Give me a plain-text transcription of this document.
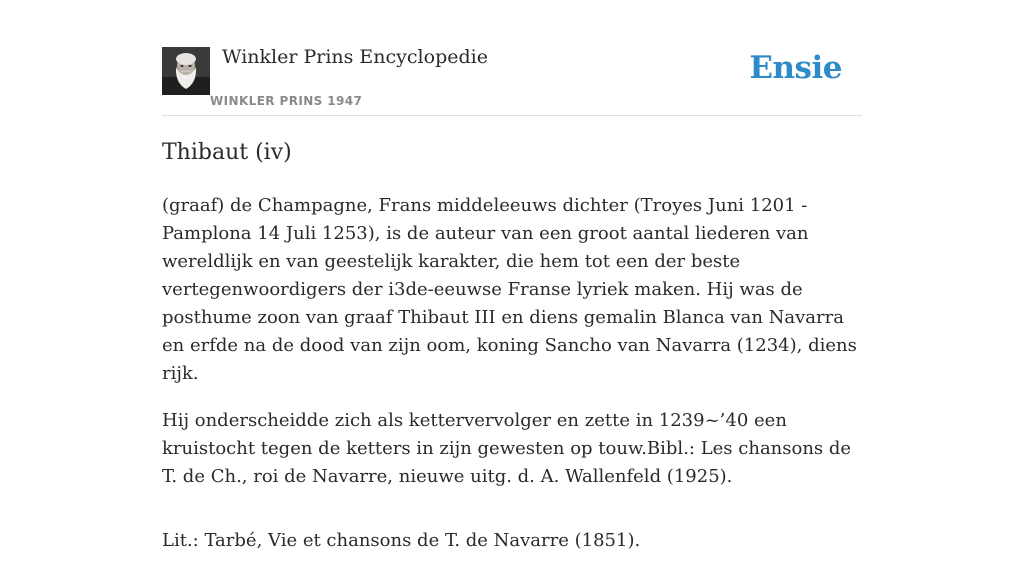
Winkler Prins Encyclopedie
WINKLER PRINS 1947
Ensie
Thibaut (iv)

(graaf) de Champagne, Frans middeleeuws dichter (Troyes Juni 1201 - Pamplona 14 Juli 1253), is de auteur van een groot aantal liederen van wereldlijk en van geestelijk karakter, die hem tot een der beste vertegenwoordigers der i3de-eeuwse Franse lyriek maken. Hij was de posthume zoon van graaf Thibaut III en diens gemalin Blanca van Navarra en erfde na de dood van zijn oom, koning Sancho van Navarra (1234), diens rijk.

Hij onderscheidde zich als kettervervolger en zette in 1239~’40 een kruistocht tegen de ketters in zijn gewesten op touw.Bibl.: Les chansons de T. de Ch., roi de Navarre, nieuwe uitg. d. A. Wallenfeld (1925).

Lit.: Tarbé, Vie et chansons de T. de Navarre (1851).
